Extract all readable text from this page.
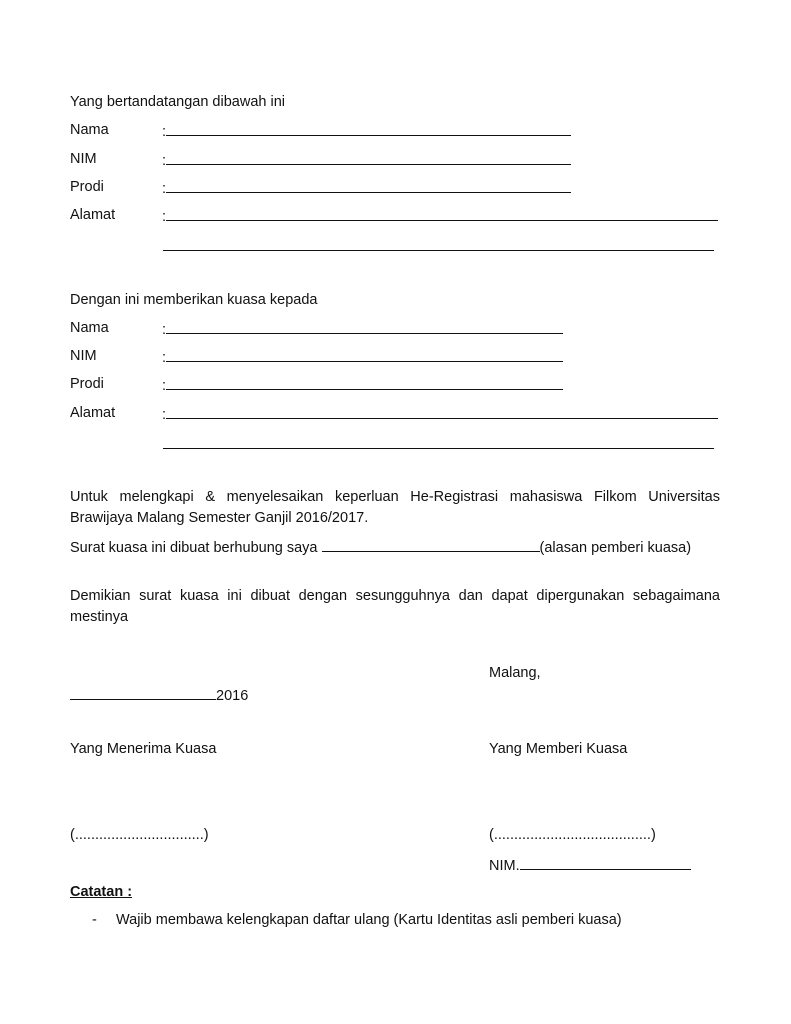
Yang bertandatangan dibawah ini
Nama	:
NIM	:
Prodi	:
Alamat	:
Dengan ini memberikan kuasa kepada
Nama	:
NIM	:
Prodi	:
Alamat	:
Untuk melengkapi & menyelesaikan keperluan He-Registrasi mahasiswa Filkom Universitas Brawijaya Malang Semester Ganjil 2016/2017.
Surat kuasa ini dibuat berhubung saya	(alasan pemberi kuasa)
Demikian surat kuasa ini dibuat dengan sesungguhnya dan dapat dipergunakan sebagaimana mestinya
Malang,
2016
Yang Menerima Kuasa	Yang Memberi Kuasa
(................................)	(.......................................)
NIM.
Catatan :
- Wajib membawa kelengkapan daftar ulang (Kartu Identitas asli pemberi kuasa)
